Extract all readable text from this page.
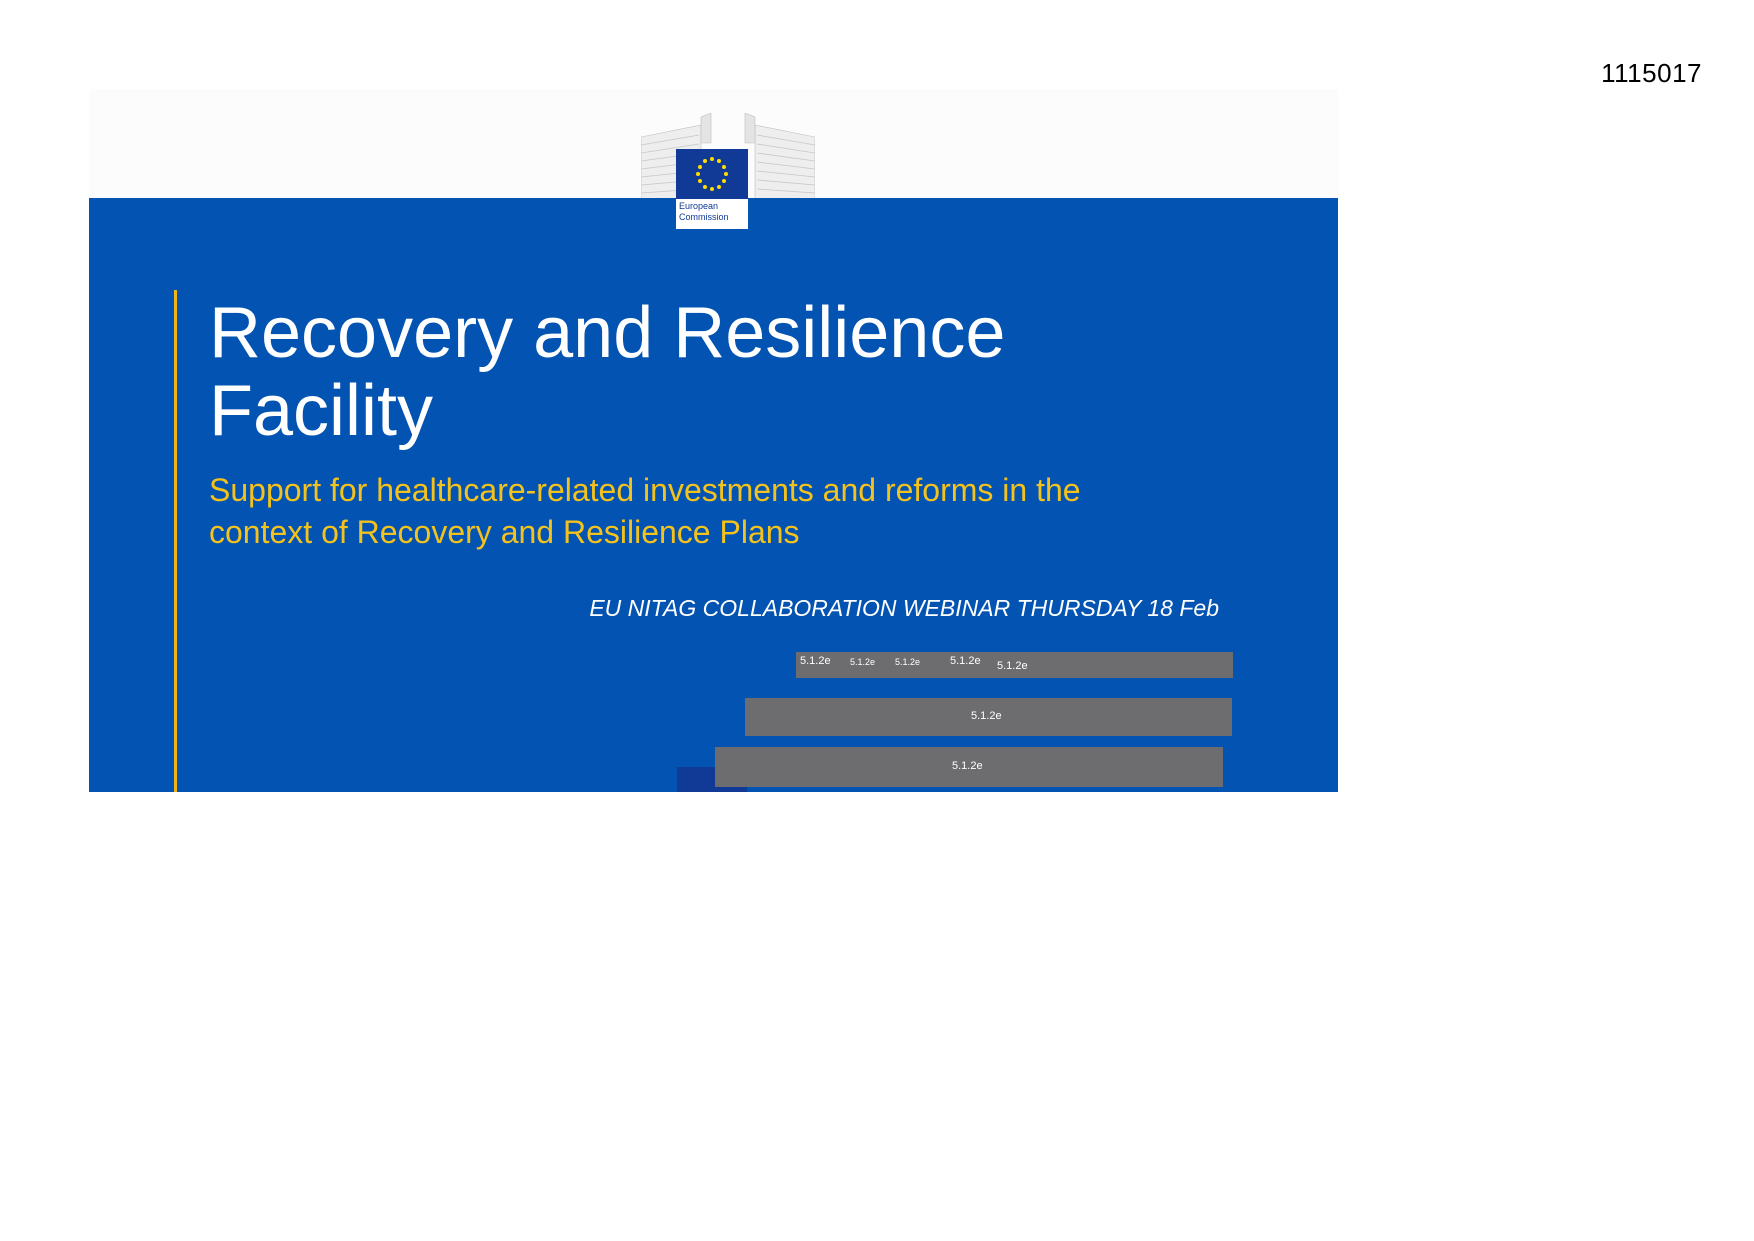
1115017
European
Commission
Recovery and Resilience
Facility

Support for healthcare-related investments and reforms in the
context of Recovery and Resilience Plans

EU NITAG COLLABORATION WEBINAR THURSDAY 18 Feb
5.1.2e 5.1.2e 5.1.2e	5.1.2e 5.1.2e
5.1.2e
5.1.2e
